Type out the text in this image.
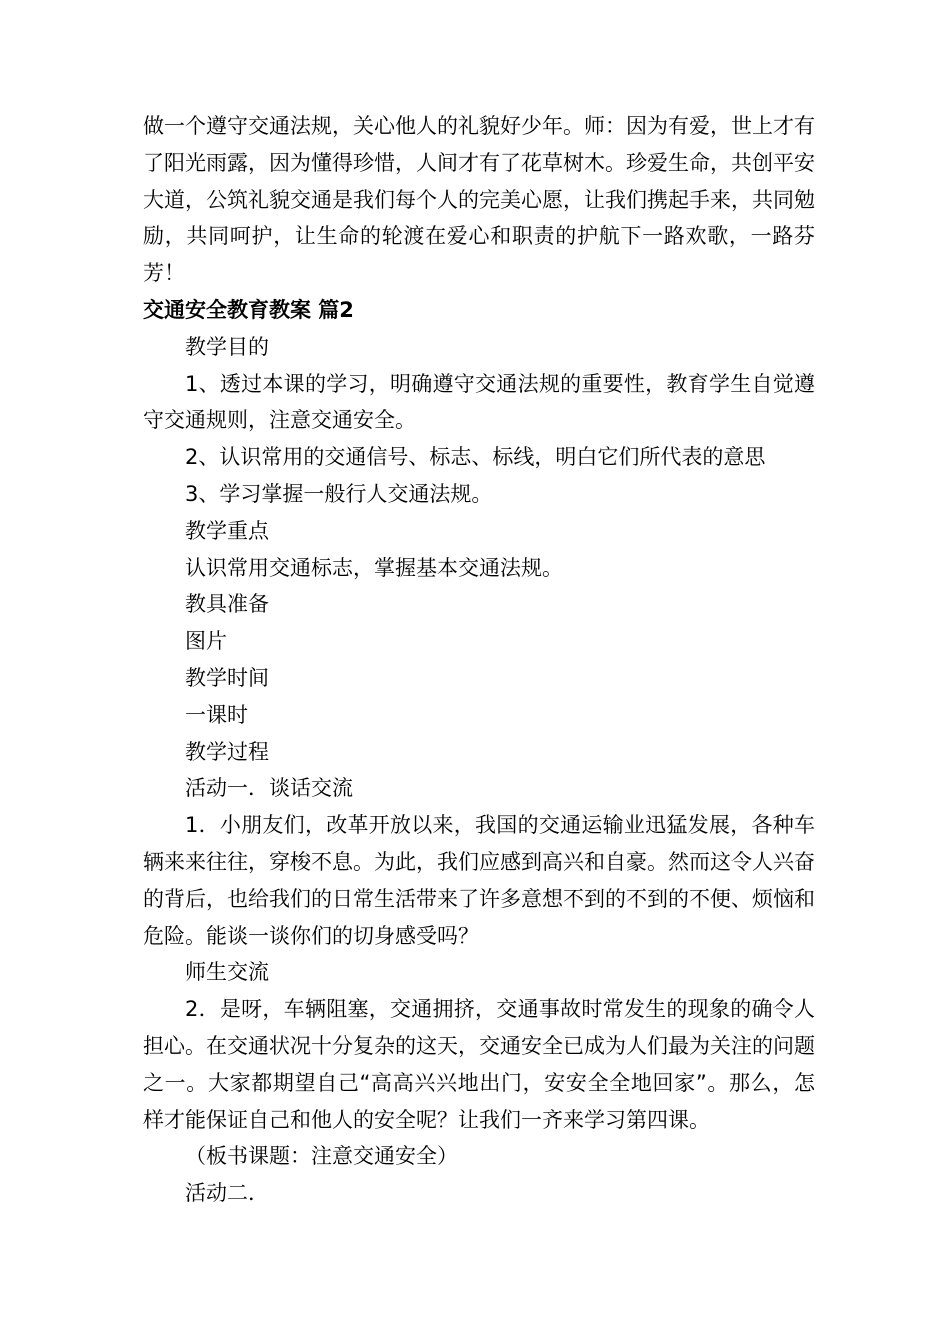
做一个遵守交通法规，关心他人的礼貌好少年。师：因为有爱，世上才有了阳光雨露，因为懂得珍惜，人间才有了花草树木。珍爱生命，共创平安大道，公筑礼貌交通是我们每个人的完美心愿，让我们携起手来，共同勉励，共同呵护，让生命的轮渡在爱心和职责的护航下一路欢歌，一路芬芳！

交通安全教育教案 篇2

教学目的

1、透过本课的学习，明确遵守交通法规的重要性，教育学生自觉遵守交通规则，注意交通安全。

2、认识常用的交通信号、标志、标线，明白它们所代表的意思

3、学习掌握一般行人交通法规。

教学重点

认识常用交通标志，掌握基本交通法规。

教具准备

图片

教学时间

一课时

教学过程

活动一．谈话交流

1．小朋友们，改革开放以来，我国的交通运输业迅猛发展，各种车辆来来往往，穿梭不息。为此，我们应感到高兴和自豪。然而这令人兴奋的背后，也给我们的日常生活带来了许多意想不到的不到的不便、烦恼和危险。能谈一谈你们的切身感受吗？

师生交流

2．是呀，车辆阻塞，交通拥挤，交通事故时常发生的现象的确令人担心。在交通状况十分复杂的这天，交通安全已成为人们最为关注的问题之一。大家都期望自己“高高兴兴地出门，安安全全地回家”。那么，怎样才能保证自己和他人的安全呢？让我们一齐来学习第四课。

（板书课题：注意交通安全）

活动二．
